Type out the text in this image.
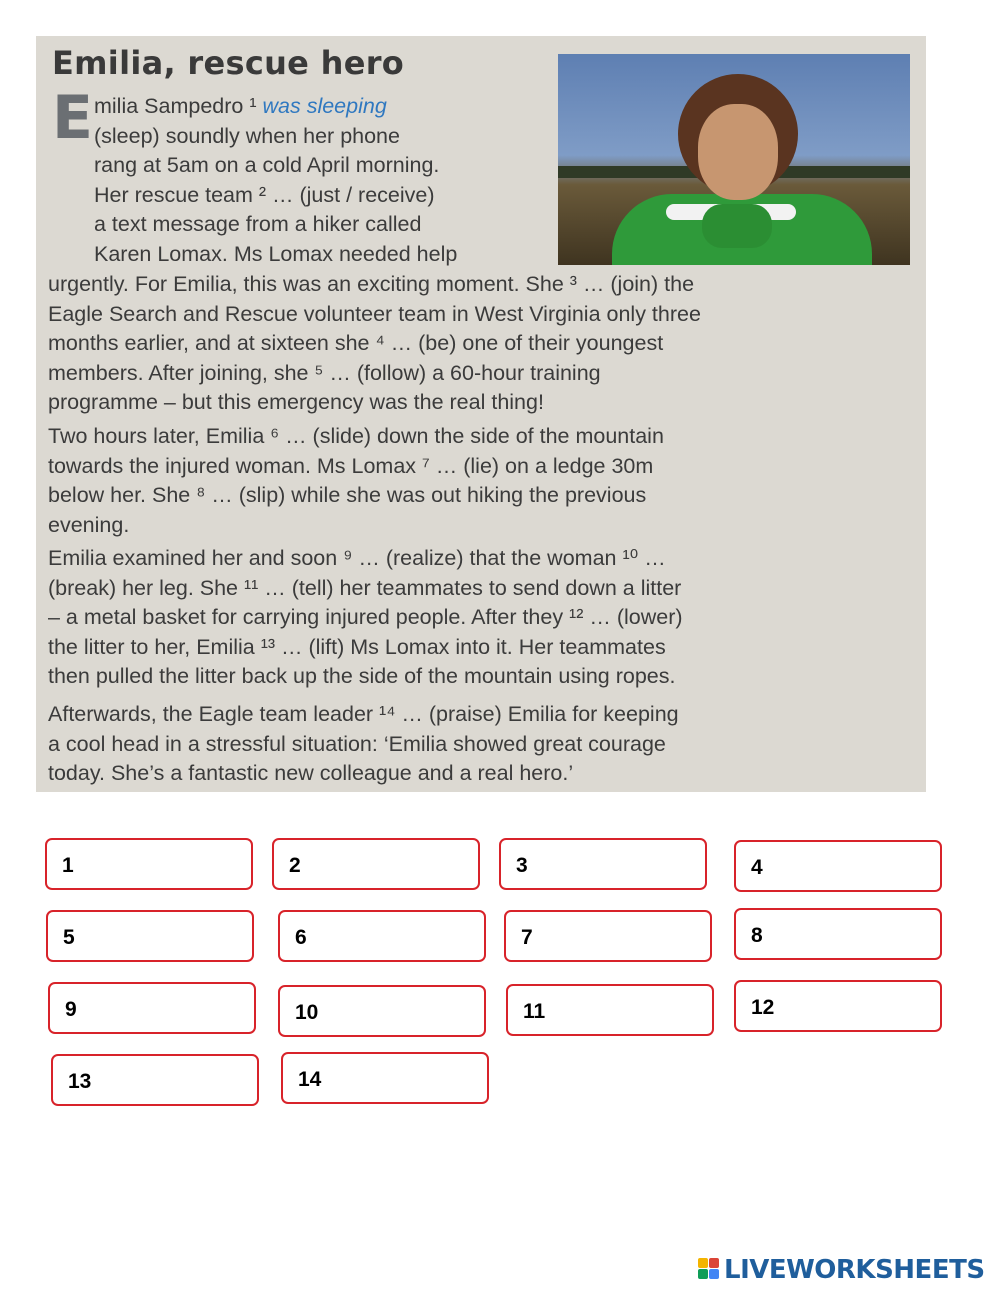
Emilia, rescue hero
E milia Sampedro ¹ was sleeping
(sleep) soundly when her phone
rang at 5am on a cold April morning.
Her rescue team ² … (just / receive)
a text message from a hiker called
Karen Lomax. Ms Lomax needed help

urgently. For Emilia, this was an exciting moment. She ³ … (join) the
Eagle Search and Rescue volunteer team in West Virginia only three
months earlier, and at sixteen she ⁴ … (be) one of their youngest
members. After joining, she ⁵ … (follow) a 60-hour training
programme – but this emergency was the real thing!

Two hours later, Emilia ⁶ … (slide) down the side of the mountain
towards the injured woman. Ms Lomax ⁷ … (lie) on a ledge 30m
below her. She ⁸ … (slip) while she was out hiking the previous
evening.

Emilia examined her and soon ⁹ … (realize) that the woman ¹⁰ …
(break) her leg. She ¹¹ … (tell) her teammates to send down a litter
– a metal basket for carrying injured people. After they ¹² … (lower)
the litter to her, Emilia ¹³ … (lift) Ms Lomax into it. Her teammates
then pulled the litter back up the side of the mountain using ropes.

Afterwards, the Eagle team leader ¹⁴ … (praise) Emilia for keeping
a cool head in a stressful situation: ‘Emilia showed great courage
today. She’s a fantastic new colleague and a real hero.’

1	2	3	4
5	6	7	8
9	10	11	12
13	14
LIVEWORKSHEETS
